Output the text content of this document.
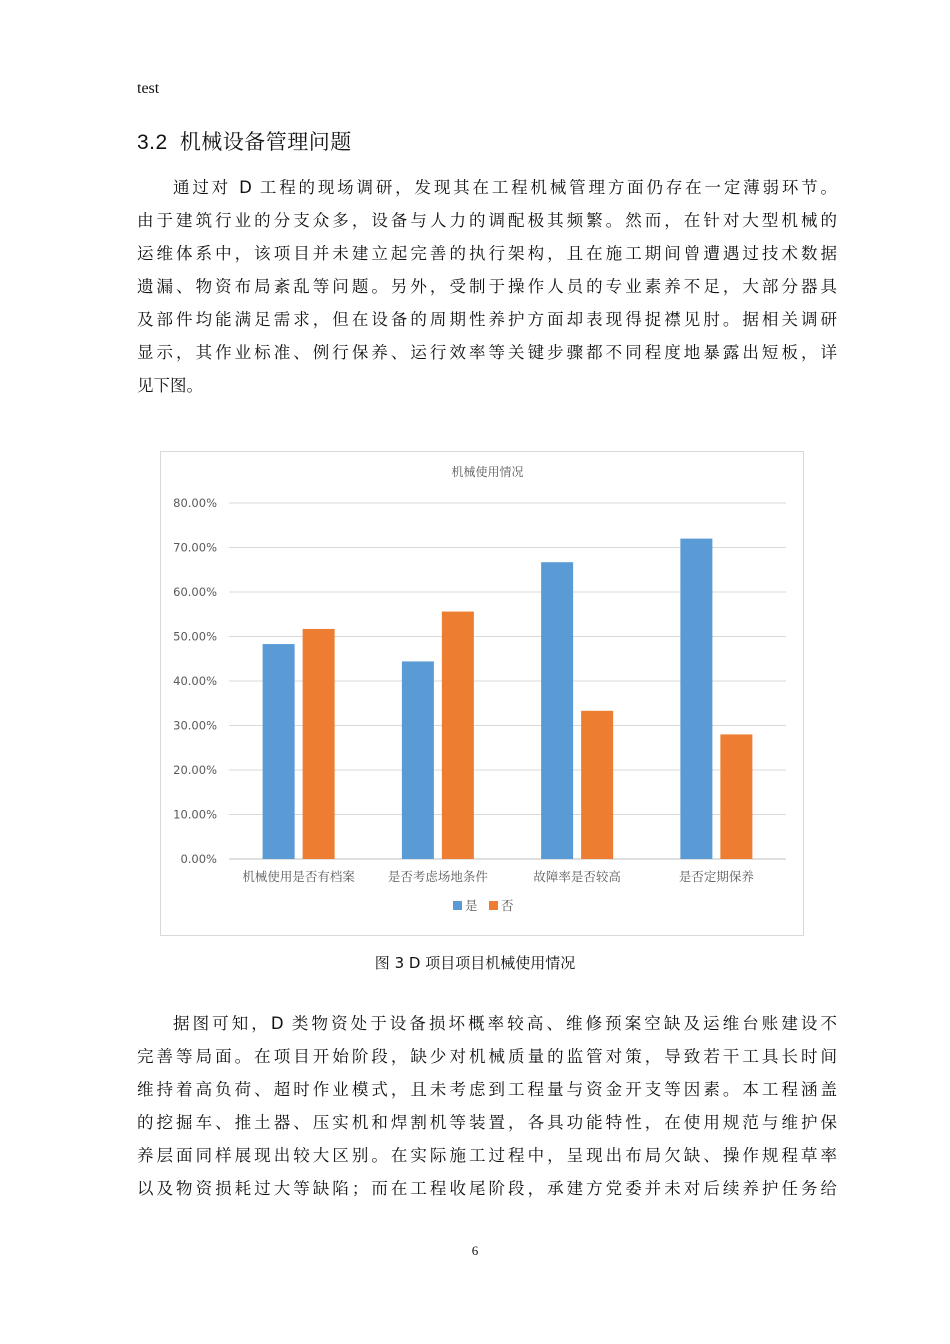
test
3.2 机械设备管理问题
通过对 D 工程的现场调研，发现其在工程机械管理方面仍存在一定薄弱环节。
由于建筑行业的分支众多，设备与人力的调配极其频繁。然而，在针对大型机械的
运维体系中，该项目并未建立起完善的执行架构，且在施工期间曾遭遇过技术数据
遗漏、物资布局紊乱等问题。另外，受制于操作人员的专业素养不足，大部分器具
及部件均能满足需求，但在设备的周期性养护方面却表现得捉襟见肘。据相关调研
显示，其作业标准、例行保养、运行效率等关键步骤都不同程度地暴露出短板，详
见下图。
机械使用情况
0.00%
10.00%
20.00%
30.00%
40.00%
50.00%
60.00%
70.00%
80.00%
机械使用是否有档案	是否考虑场地条件	故障率是否较高	是否定期保养
是 否
图 3 D 项目项目机械使用情况
据图可知，D 类物资处于设备损坏概率较高、维修预案空缺及运维台账建设不
完善等局面。在项目开始阶段，缺少对机械质量的监管对策，导致若干工具长时间
维持着高负荷、超时作业模式，且未考虑到工程量与资金开支等因素。本工程涵盖
的挖掘车、推土器、压实机和焊割机等装置，各具功能特性，在使用规范与维护保
养层面同样展现出较大区别。在实际施工过程中，呈现出布局欠缺、操作规程草率
以及物资损耗过大等缺陷；而在工程收尾阶段，承建方党委并未对后续养护任务给
6
